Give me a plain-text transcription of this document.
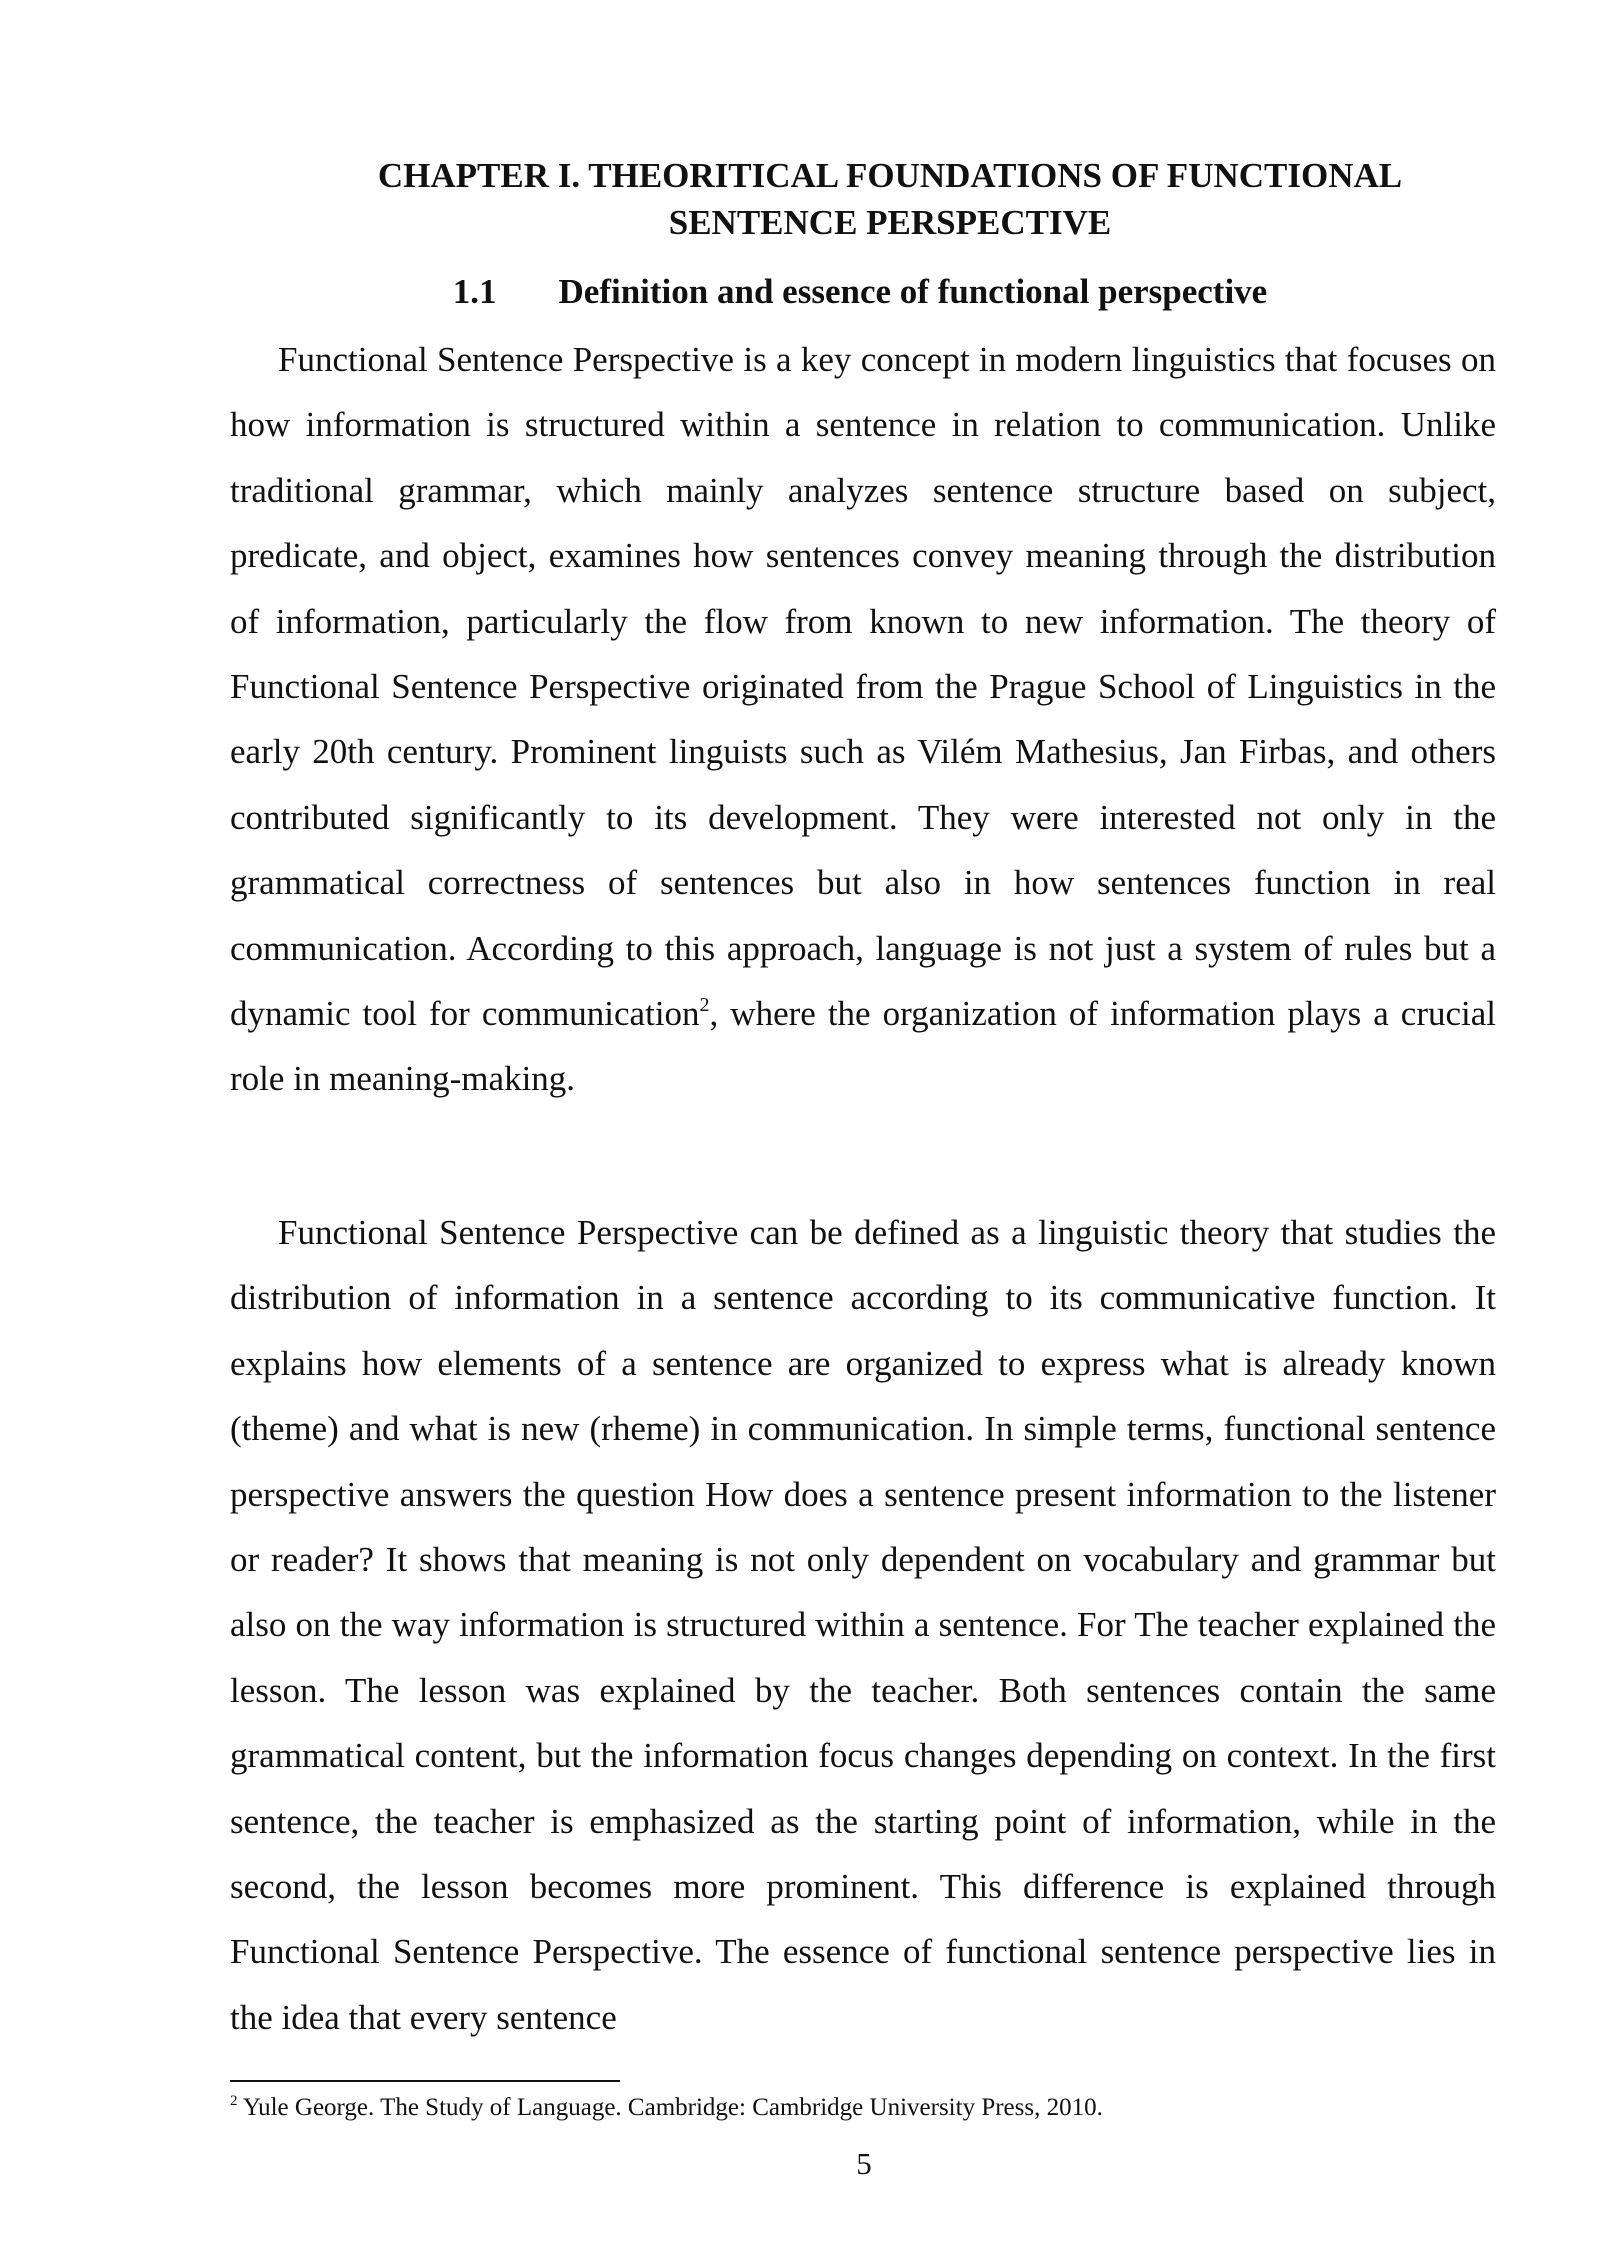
CHAPTER I. THEORITICAL FOUNDATIONS OF FUNCTIONAL
SENTENCE PERSPECTIVE
1.1 Definition and essence of functional perspective

Functional Sentence Perspective is a key concept in modern linguistics that focuses on how information is structured within a sentence in relation to communication. Unlike traditional grammar, which mainly analyzes sentence structure based on subject, predicate, and object, examines how sentences convey meaning through the distribution of information, particularly the flow from known to new information. The theory of Functional Sentence Perspective originated from the Prague School of Linguistics in the early 20th century. Prominent linguists such as Vilém Mathesius, Jan Firbas, and others contributed significantly to its development. They were interested not only in the grammatical correctness of sentences but also in how sentences function in real communication. According to this approach, language is not just a system of rules but a dynamic tool for communication$^2$, where the organization of information plays a crucial role in meaning-making.

Functional Sentence Perspective can be defined as a linguistic theory that studies the distribution of information in a sentence according to its communicative function. It explains how elements of a sentence are organized to express what is already known (theme) and what is new (rheme) in communication. In simple terms, functional sentence perspective answers the question How does a sentence present information to the listener or reader? It shows that meaning is not only dependent on vocabulary and grammar but also on the way information is structured within a sentence. For The teacher explained the lesson. The lesson was explained by the teacher. Both sentences contain the same grammatical content, but the information focus changes depending on context. In the first sentence, the teacher is emphasized as the starting point of information, while in the second, the lesson becomes more prominent. This difference is explained through Functional Sentence Perspective. The essence of functional sentence perspective lies in the idea that every sentence

$^2$ Yule George. The Study of Language. Cambridge: Cambridge University Press, 2010.

5
